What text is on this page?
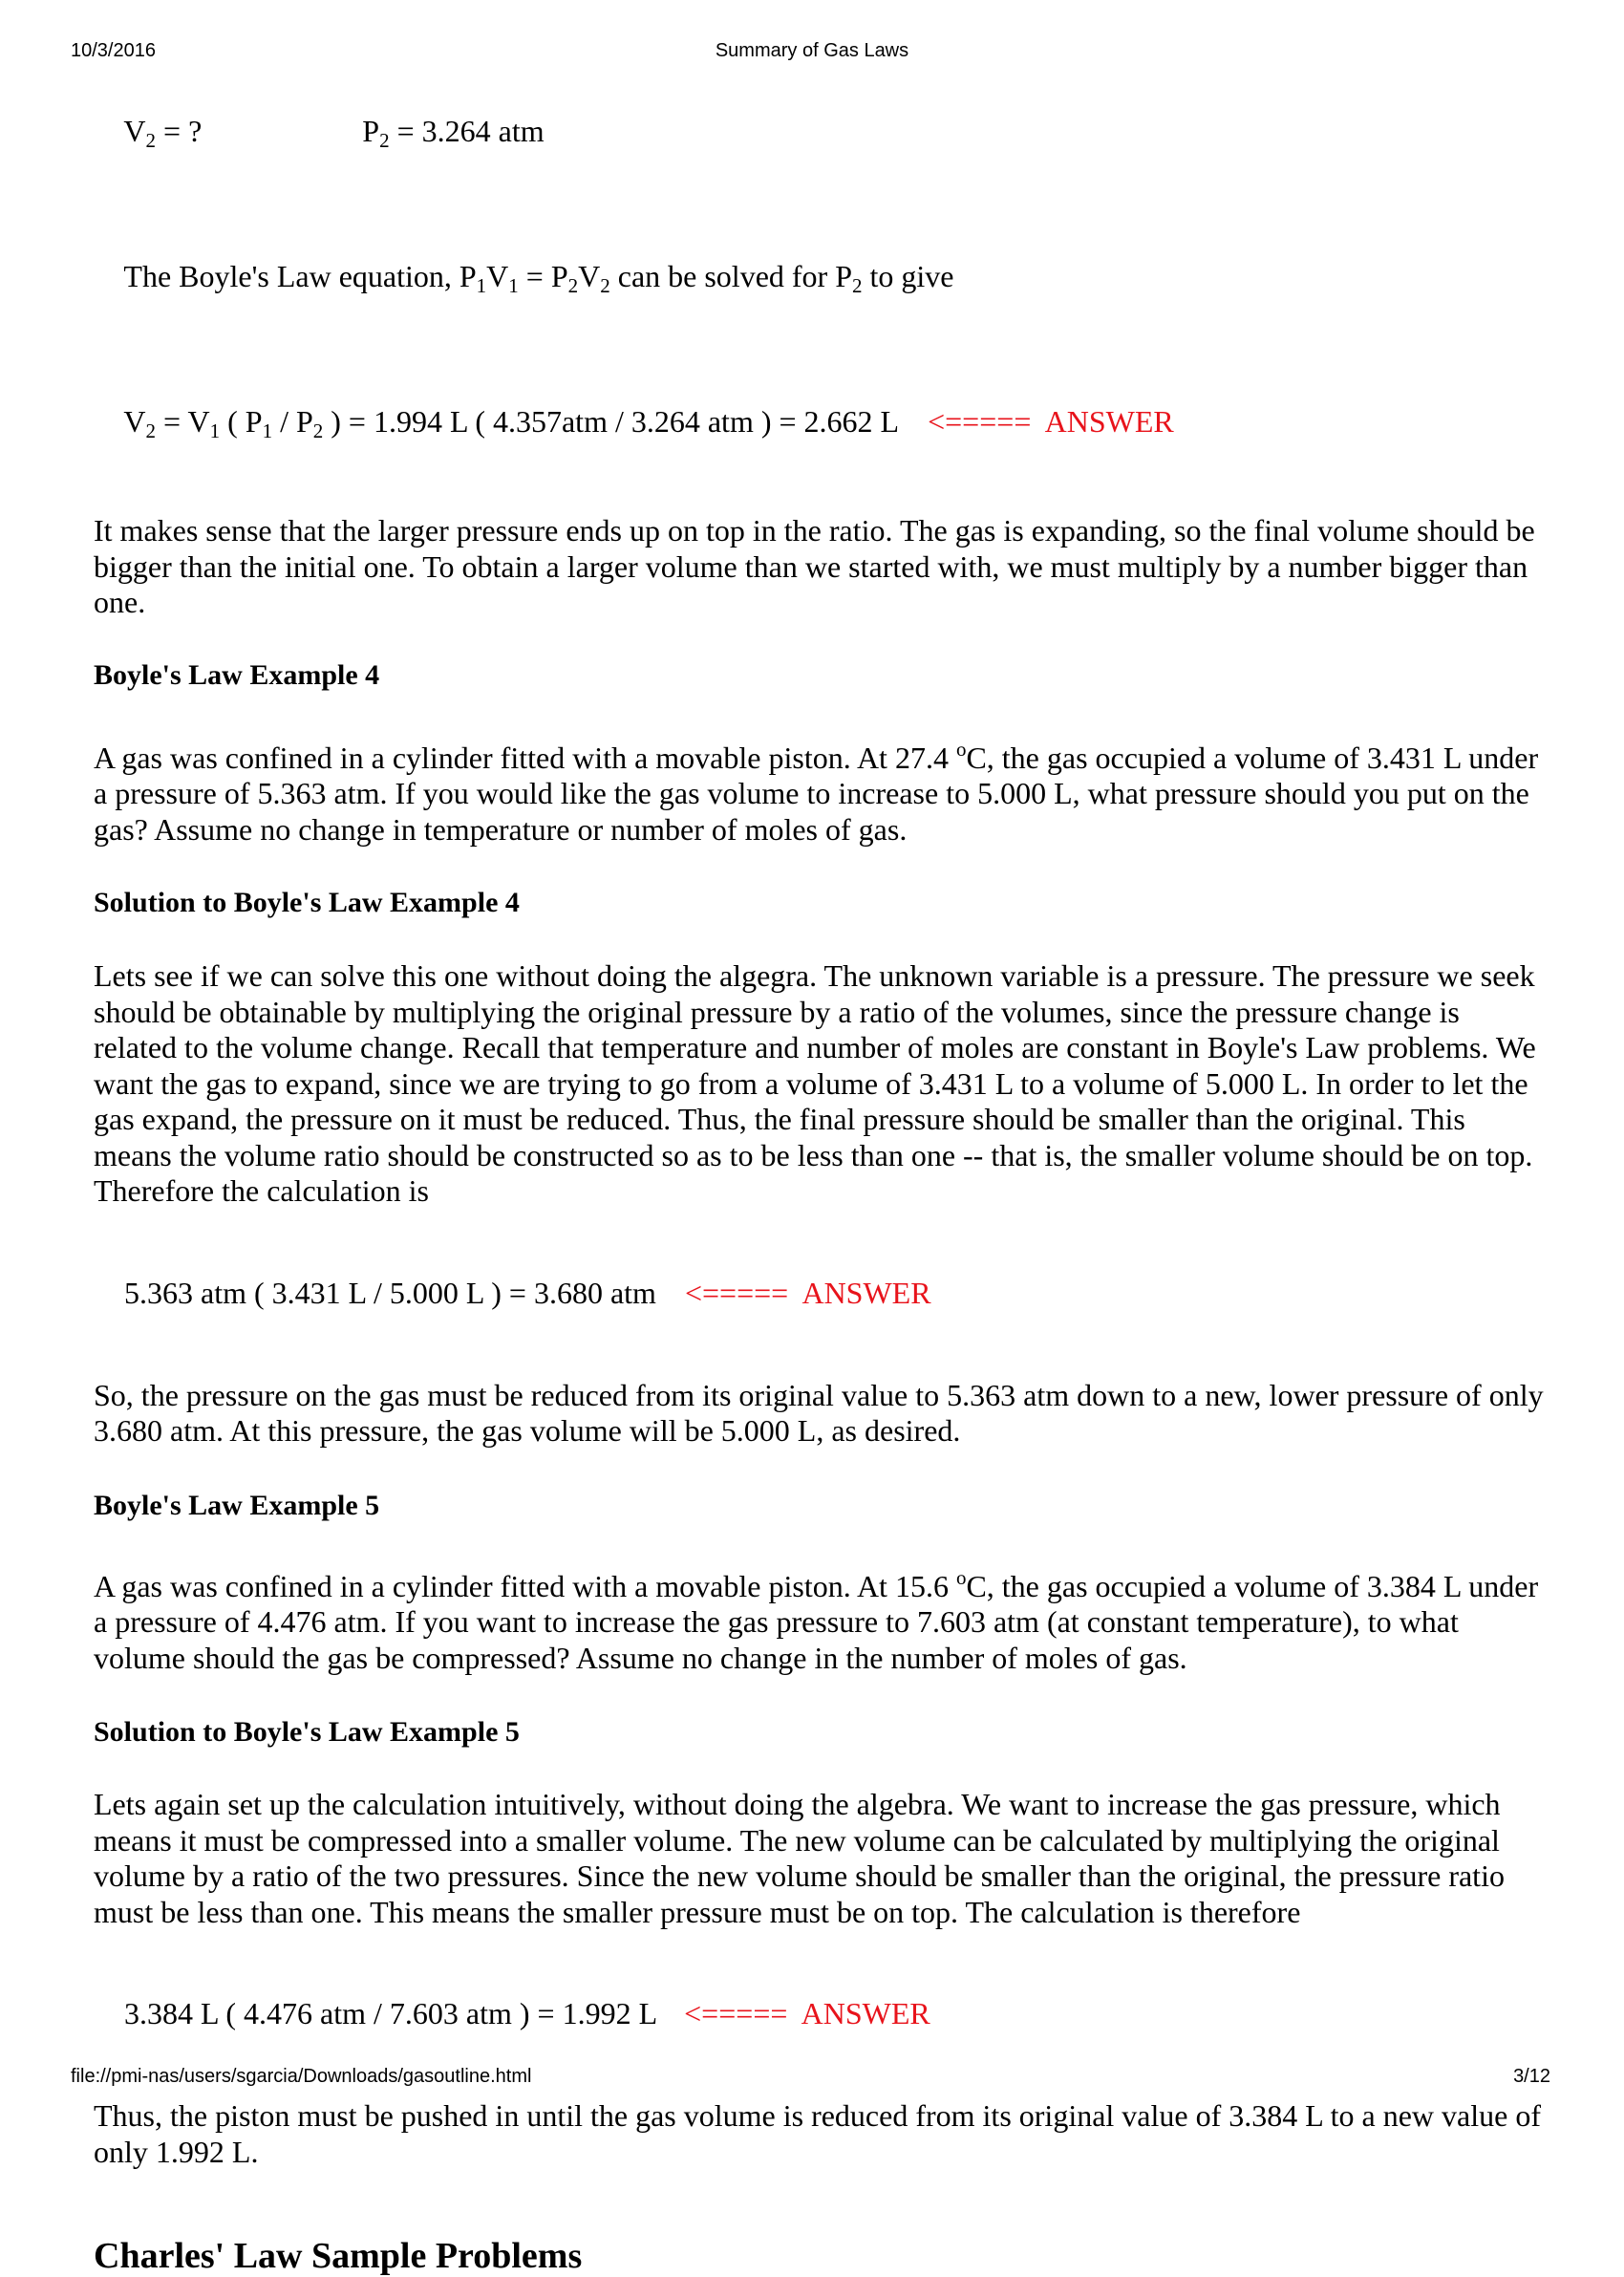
10/3/2016	Summary of Gas Laws

$V_2$ = ?	$P_2 = 3.264$ atm

The Boyle's Law equation, $P_1V_1 = P_2V_2$ can be solved for $P_2$ to give

$V_2 = V_1$ ( $P_1 / P_2$ ) = 1.994 L ( 4.357atm / 3.264 atm ) = 2.662 L <=====  ANSWER

It makes sense that the larger pressure ends up on top in the ratio. The gas is expanding, so the final volume should be bigger than the initial one. To obtain a larger volume than we started with, we must multiply by a number bigger than one.

Boyle's Law Example 4

A gas was confined in a cylinder fitted with a movable piston. At 27.4 $^o$C, the gas occupied a volume of 3.431 L under a pressure of 5.363 atm. If you would like the gas volume to increase to 5.000 L, what pressure should you put on the gas? Assume no change in temperature or number of moles of gas.

Solution to Boyle's Law Example 4

Lets see if we can solve this one without doing the algegra. The unknown variable is a pressure. The pressure we seek should be obtainable by multiplying the original pressure by a ratio of the volumes, since the pressure change is related to the volume change. Recall that temperature and number of moles are constant in Boyle's Law problems. We want the gas to expand, since we are trying to go from a volume of 3.431 L to a volume of 5.000 L. In order to let the gas expand, the pressure on it must be reduced. Thus, the final pressure should be smaller than the original. This means the volume ratio should be constructed so as to be less than one -- that is, the smaller volume should be on top. Therefore the calculation is

5.363 atm ( 3.431 L / 5.000 L ) = 3.680 atm <=====  ANSWER

So, the pressure on the gas must be reduced from its original value to 5.363 atm down to a new, lower pressure of only 3.680 atm. At this pressure, the gas volume will be 5.000 L, as desired.

Boyle's Law Example 5

A gas was confined in a cylinder fitted with a movable piston. At 15.6 $^o$C, the gas occupied a volume of 3.384 L under a pressure of 4.476 atm. If you want to increase the gas pressure to 7.603 atm (at constant temperature), to what volume should the gas be compressed? Assume no change in the number of moles of gas.

Solution to Boyle's Law Example 5

Lets again set up the calculation intuitively, without doing the algebra. We want to increase the gas pressure, which means it must be compressed into a smaller volume. The new volume can be calculated by multiplying the original volume by a ratio of the two pressures. Since the new volume should be smaller than the original, the pressure ratio must be less than one. This means the smaller pressure must be on top. The calculation is therefore

3.384 L ( 4.476 atm / 7.603 atm ) = 1.992 L <=====  ANSWER

Thus, the piston must be pushed in until the gas volume is reduced from its original value of 3.384 L to a new value of only 1.992 L.

Charles' Law Sample Problems
file://pmi-nas/users/sgarcia/Downloads/gasoutline.html	3/12
